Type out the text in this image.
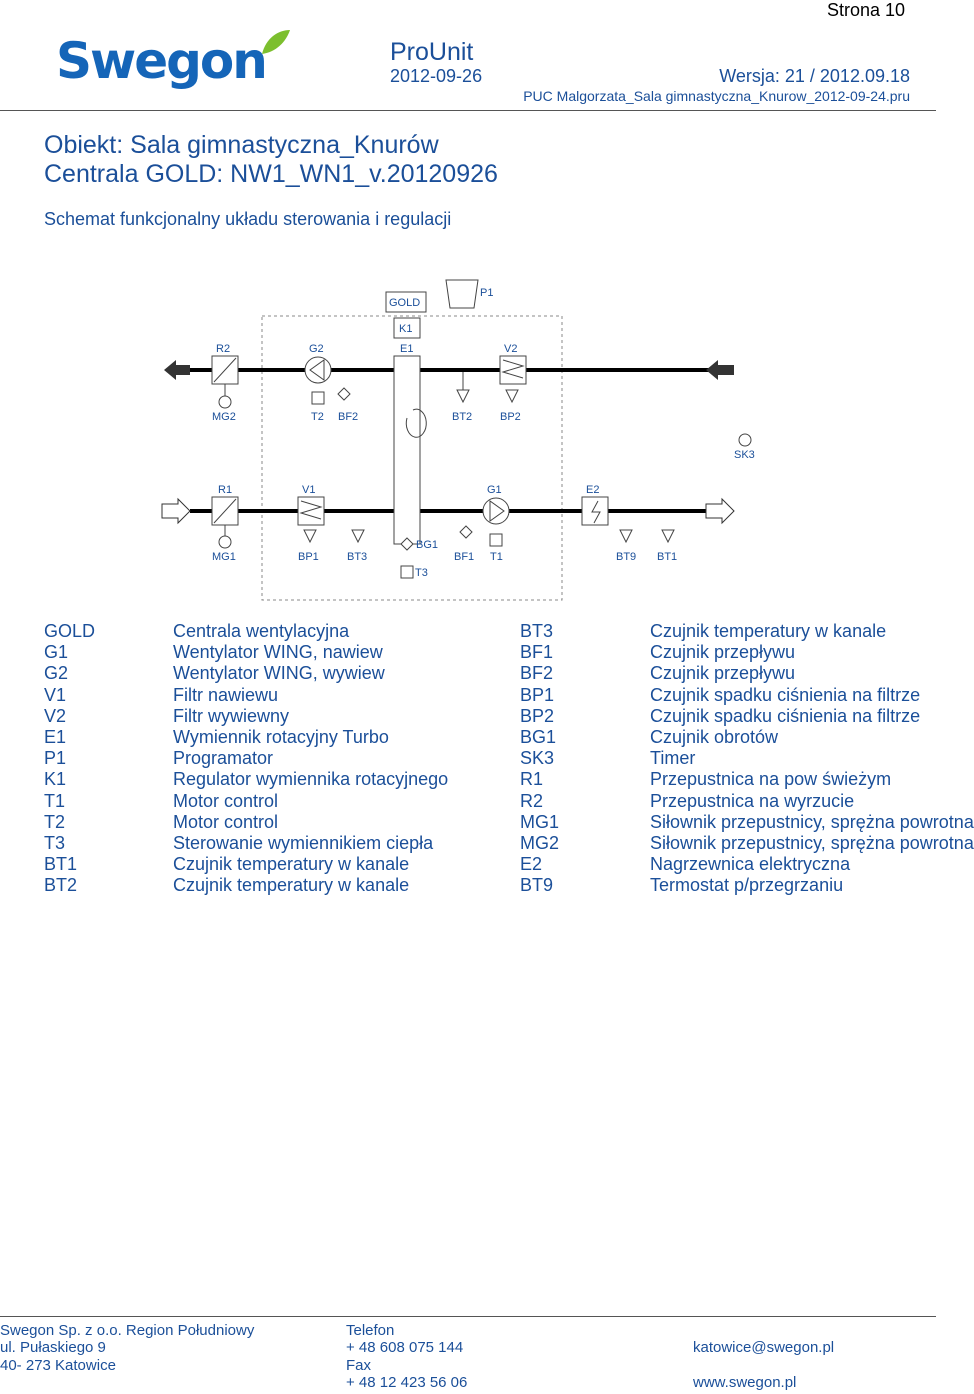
Strona 10
Swegon	ProUnit
2012-09-26	Wersja: 21 / 2012.09.18
PUC Malgorzata_Sala gimnastyczna_Knurow_2012-09-24.pru
Obiekt: Sala gimnastyczna_Knurów
Centrala GOLD: NW1_WN1_v.20120926
Schemat funkcjonalny układu sterowania i regulacji
GOLD
K1
P1
E1
R2
MG2
G2
T2 BF2	BT2
V2
BP2
SK3
R1
MG1
V1
BP1	BT3
BG1
T3
BF1
G1
T1
E2
BT9 BT1
GOLD	Centrala wentylacyjna
G1	Wentylator WING, nawiew
G2	Wentylator WING, wywiew
V1	Filtr nawiewu
V2	Filtr wywiewny
E1	Wymiennik rotacyjny Turbo
P1	Programator
K1	Regulator wymiennika rotacyjnego
T1	Motor control
T2	Motor control
T3	Sterowanie wymiennikiem ciepła
BT1	Czujnik temperatury w kanale
BT2	Czujnik temperatury w kanale
BT3	Czujnik temperatury w kanale
BF1	Czujnik przepływu
BF2	Czujnik przepływu
BP1	Czujnik spadku ciśnienia na filtrze
BP2	Czujnik spadku ciśnienia na filtrze
BG1	Czujnik obrotów
SK3	Timer
R1	Przepustnica na pow świeżym
R2	Przepustnica na wyrzucie
MG1	Siłownik przepustnicy, sprężna powrotna
MG2	Siłownik przepustnicy, sprężna powrotna
E2	Nagrzewnica elektryczna
BT9	Termostat p/przegrzaniu
Swegon Sp. z o.o. Region Południowy
ul. Pułaskiego 9
40- 273 Katowice
Telefon
+ 48 608 075 144
Fax
+ 48 12 423 56 06
katowice@swegon.pl
www.swegon.pl
